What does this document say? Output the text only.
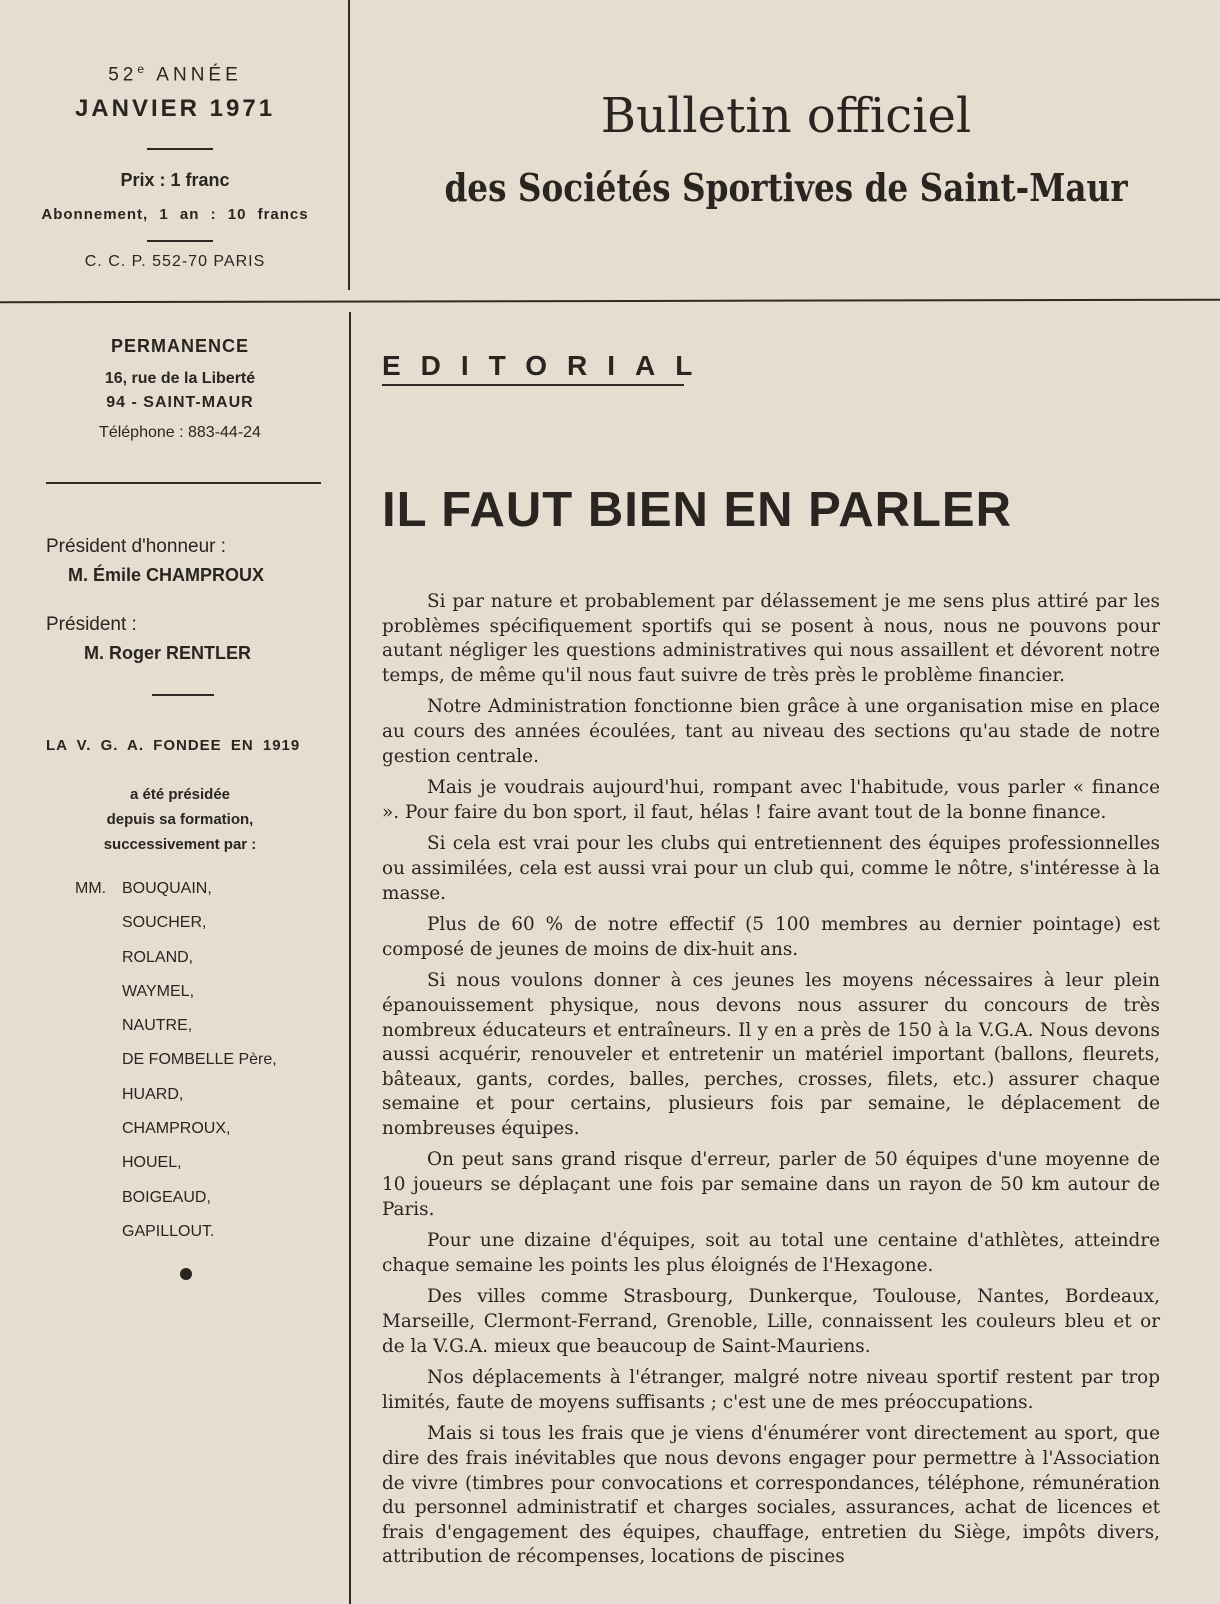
52e ANNÉE
JANVIER 1971
Prix : 1 franc
Abonnement, 1 an : 10 francs
C. C. P. 552-70 PARIS
Bulletin officiel
des Sociétés Sportives de Saint-Maur
PERMANENCE
16, rue de la Liberté
94 - SAINT-MAUR
Téléphone : 883-44-24
Président d'honneur :
M. Émile CHAMPROUX
Président :
M. Roger RENTLER
LA V. G. A. FONDEE EN 1919
a été présidée
depuis sa formation,
successivement par :
MM. BOUQUAIN,
SOUCHER,
ROLAND,
WAYMEL,
NAUTRE,
DE FOMBELLE Père,
HUARD,
CHAMPROUX,
HOUEL,
BOIGEAUD,
GAPILLOUT.
EDITORIAL
IL FAUT BIEN EN PARLER

Si par nature et probablement par délassement je me sens plus attiré par les problèmes spécifiquement sportifs qui se posent à nous, nous ne pouvons pour autant négliger les questions administratives qui nous assaillent et dévorent notre temps, de même qu'il nous faut suivre de très près le problème financier.

Notre Administration fonctionne bien grâce à une organisation mise en place au cours des années écoulées, tant au niveau des sections qu'au stade de notre gestion centrale.

Mais je voudrais aujourd'hui, rompant avec l'habitude, vous parler « finance ». Pour faire du bon sport, il faut, hélas ! faire avant tout de la bonne finance.

Si cela est vrai pour les clubs qui entretiennent des équipes professionnelles ou assimilées, cela est aussi vrai pour un club qui, comme le nôtre, s'intéresse à la masse.

Plus de 60 % de notre effectif (5 100 membres au dernier pointage) est composé de jeunes de moins de dix-huit ans.

Si nous voulons donner à ces jeunes les moyens nécessaires à leur plein épanouissement physique, nous devons nous assurer du concours de très nombreux éducateurs et entraîneurs. Il y en a près de 150 à la V.G.A. Nous devons aussi acquérir, renouveler et entretenir un matériel important (ballons, fleurets, bâteaux, gants, cordes, balles, perches, crosses, filets, etc.) assurer chaque semaine et pour certains, plusieurs fois par semaine, le déplacement de nombreuses équipes.

On peut sans grand risque d'erreur, parler de 50 équipes d'une moyenne de 10 joueurs se déplaçant une fois par semaine dans un rayon de 50 km autour de Paris.

Pour une dizaine d'équipes, soit au total une centaine d'athlètes, atteindre chaque semaine les points les plus éloignés de l'Hexagone.

Des villes comme Strasbourg, Dunkerque, Toulouse, Nantes, Bordeaux, Marseille, Clermont-Ferrand, Grenoble, Lille, connaissent les couleurs bleu et or de la V.G.A. mieux que beaucoup de Saint-Mauriens.

Nos déplacements à l'étranger, malgré notre niveau sportif restent par trop limités, faute de moyens suffisants ; c'est une de mes préoccupations.

Mais si tous les frais que je viens d'énumérer vont directement au sport, que dire des frais inévitables que nous devons engager pour permettre à l'Association de vivre (timbres pour convocations et correspondances, téléphone, rémunération du personnel administratif et charges sociales, assurances, achat de licences et frais d'engagement des équipes, chauffage, entretien du Siège, impôts divers, attribution de récompenses, locations de piscines
